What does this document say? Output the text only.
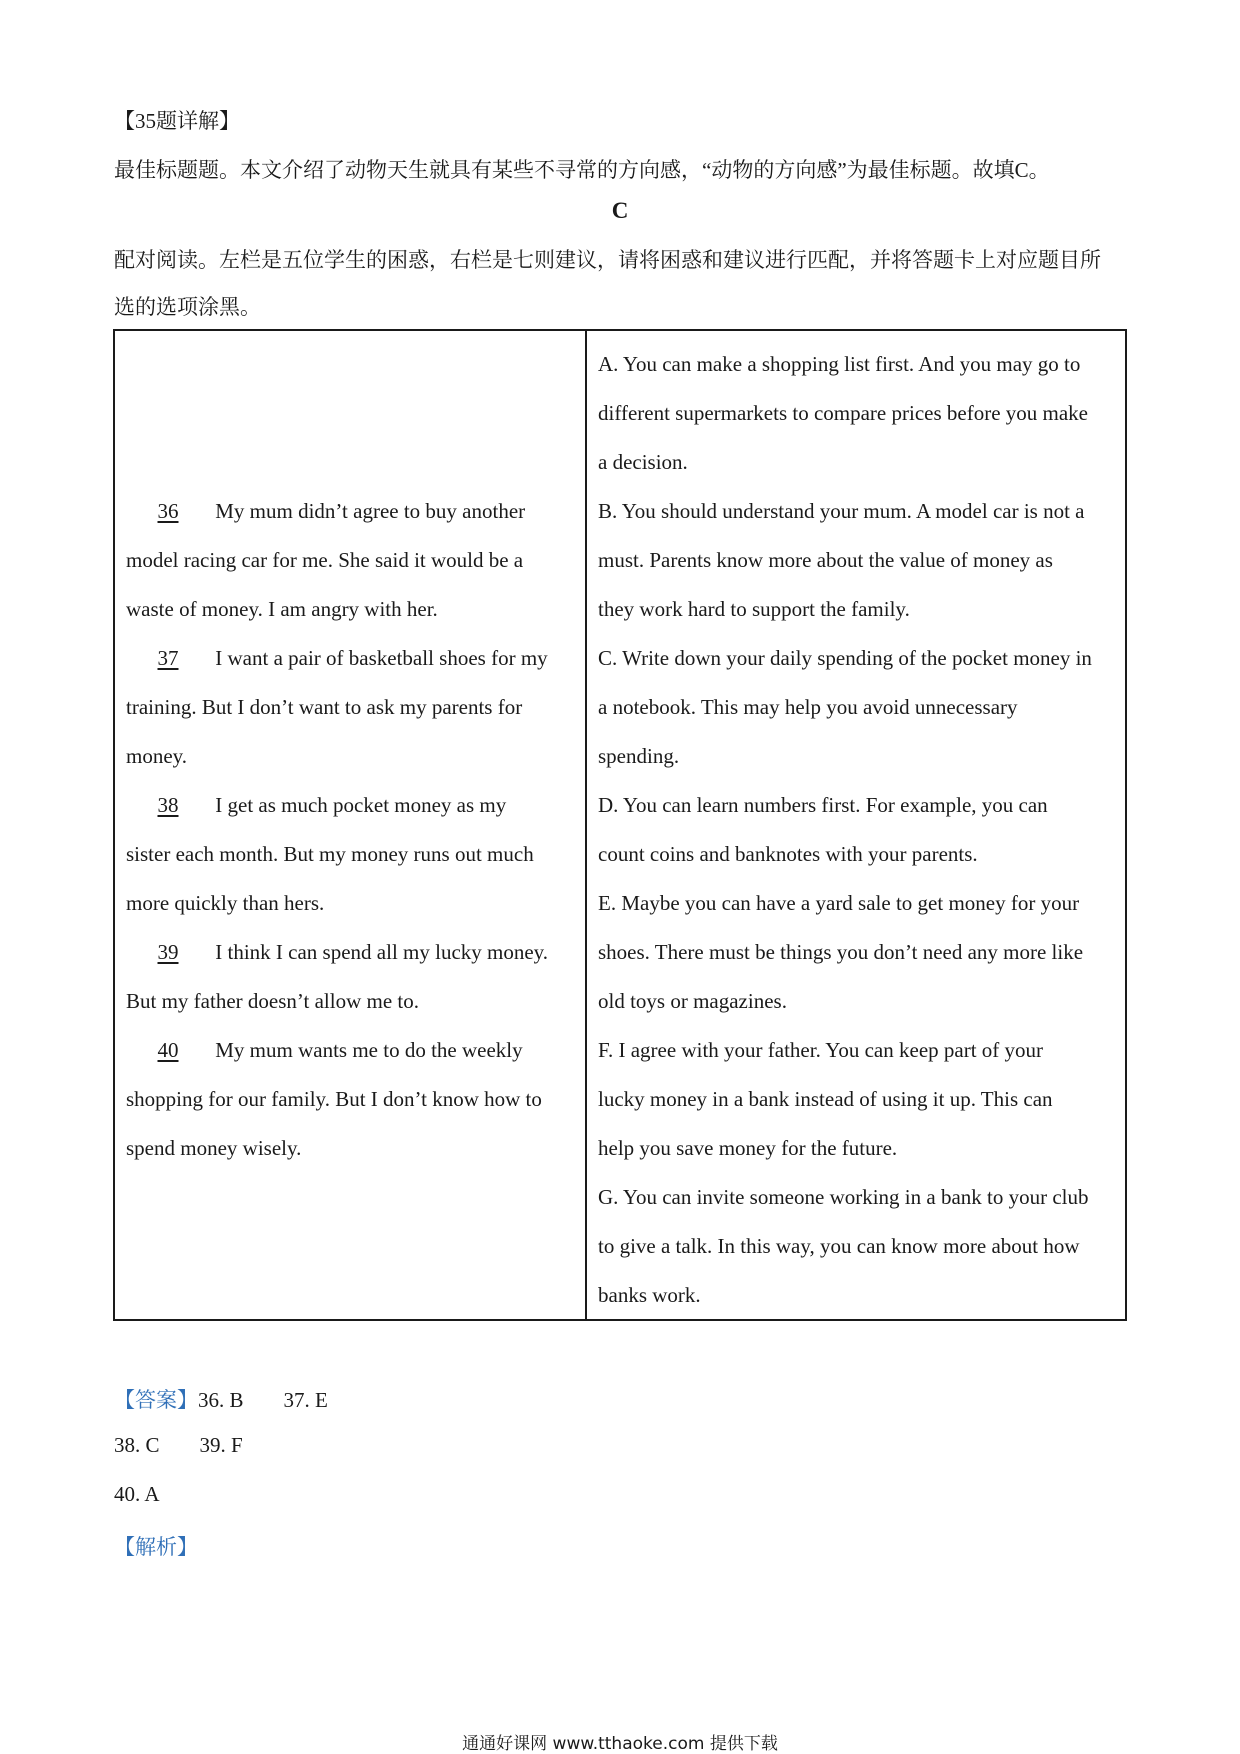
【35题详解】
最佳标题题。本文介绍了动物天生就具有某些不寻常的方向感，“动物的方向感”为最佳标题。故填C。
C
配对阅读。左栏是五位学生的困惑，右栏是七则建议，请将困惑和建议进行匹配，并将答题卡上对应题目所
选的选项涂黑。
36 My mum didn’t agree to buy another
model racing car for me. She said it would be a
waste of money. I am angry with her.
37 I want a pair of basketball shoes for my
training. But I don’t want to ask my parents for
money.
38 I get as much pocket money as my
sister each month. But my money runs out much
more quickly than hers.
39 I think I can spend all my lucky money.
But my father doesn’t allow me to.
40 My mum wants me to do the weekly
shopping for our family. But I don’t know how to
spend money wisely.
A. You can make a shopping list first. And you may go to
different supermarkets to compare prices before you make
a decision.
B. You should understand your mum. A model car is not a
must. Parents know more about the value of money as
they work hard to support the family.
C. Write down your daily spending of the pocket money in
a notebook. This may help you avoid unnecessary
spending.
D. You can learn numbers first. For example, you can
count coins and banknotes with your parents.
E. Maybe you can have a yard sale to get money for your
shoes. There must be things you don’t need any more like
old toys or magazines.
F. I agree with your father. You can keep part of your
lucky money in a bank instead of using it up. This can
help you save money for the future.
G. You can invite someone working in a bank to your club
to give a talk. In this way, you can know more about how
banks work.
【答案】36. B 37. E
38. C 39. F
40. A
【解析】
通通好课网 www.tthaoke.com 提供下载
